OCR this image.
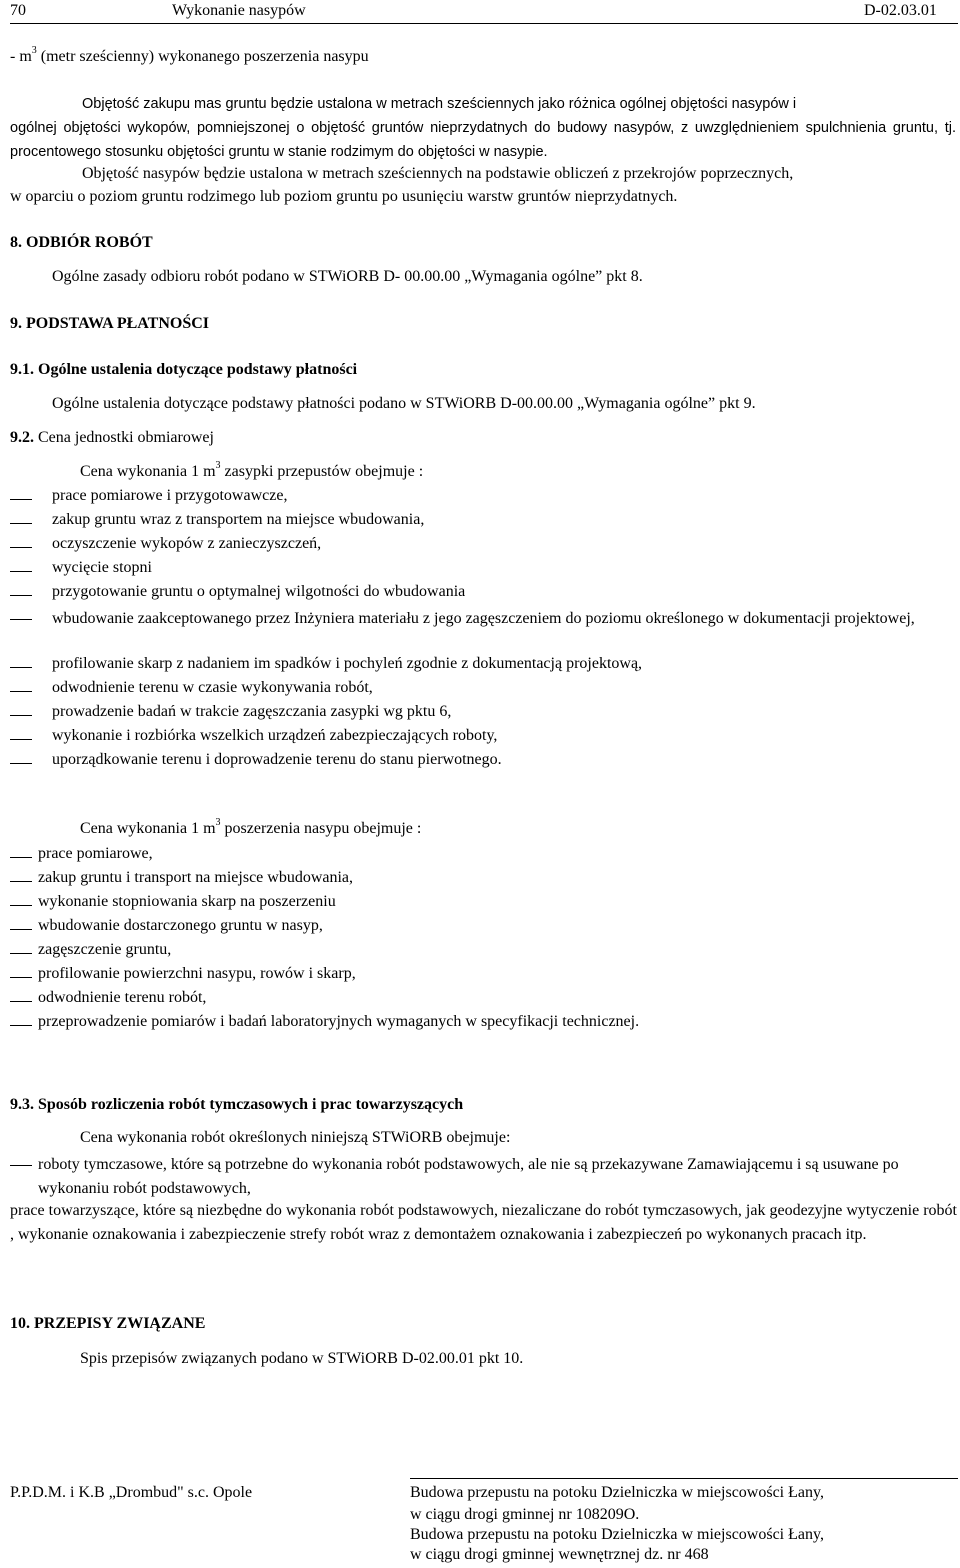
70	Wykonanie nasypów	D-02.03.01
- $m^3$ (metr sześcienny) wykonanego poszerzenia nasypu
Objętość zakupu mas gruntu będzie ustalona w metrach sześciennych jako różnica ogólnej objętości nasypów i
ogólnej objętości wykopów, pomniejszonej o objętość gruntów nieprzydatnych do budowy nasypów, z uwzględnieniem spulchnienia gruntu, tj. procentowego stosunku objętości gruntu w stanie rodzimym do objętości w nasypie.
Objętość nasypów będzie ustalona w metrach sześciennych na podstawie obliczeń z przekrojów poprzecznych,
w oparciu o poziom gruntu rodzimego lub poziom gruntu po usunięciu warstw gruntów nieprzydatnych.
8. ODBIÓR ROBÓT
Ogólne zasady odbioru robót podano w STWiORB D- 00.00.00 „Wymagania ogólne” pkt 8.
9. PODSTAWA PŁATNOŚCI
9.1. Ogólne ustalenia dotyczące podstawy płatności
Ogólne ustalenia dotyczące podstawy płatności podano w STWiORB D-00.00.00 „Wymagania ogólne” pkt 9.
9.2. Cena jednostki obmiarowej
Cena wykonania 1 $m^3$ zasypki przepustów obejmuje :
prace pomiarowe i przygotowawcze,
zakup gruntu wraz z transportem na miejsce wbudowania,
oczyszczenie wykopów z zanieczyszczeń,
wycięcie stopni
przygotowanie gruntu o optymalnej wilgotności do wbudowania
wbudowanie zaakceptowanego przez Inżyniera materiału z jego zagęszczeniem do poziomu określonego w dokumentacji projektowej,
profilowanie skarp z nadaniem im spadków i pochyleń zgodnie z dokumentacją projektową,
odwodnienie terenu w czasie wykonywania robót,
prowadzenie badań w trakcie zagęszczania zasypki wg pktu 6,
wykonanie i rozbiórka wszelkich urządzeń zabezpieczających roboty,
uporządkowanie terenu i doprowadzenie terenu do stanu pierwotnego.
Cena wykonania 1 $m^3$ poszerzenia nasypu obejmuje :
prace pomiarowe,
zakup gruntu i transport na miejsce wbudowania,
wykonanie stopniowania skarp na poszerzeniu
wbudowanie dostarczonego gruntu w nasyp,
zagęszczenie gruntu,
profilowanie powierzchni nasypu, rowów i skarp,
odwodnienie terenu robót,
przeprowadzenie pomiarów i badań laboratoryjnych wymaganych w specyfikacji technicznej.
9.3. Sposób rozliczenia robót tymczasowych i prac towarzyszących
Cena wykonania robót określonych niniejszą STWiORB obejmuje:
roboty tymczasowe, które są potrzebne do wykonania robót podstawowych, ale nie są przekazywane Zamawiającemu i są usuwane po wykonaniu robót podstawowych,
prace towarzyszące, które są niezbędne do wykonania robót podstawowych, niezaliczane do robót tymczasowych, jak geodezyjne wytyczenie robót , wykonanie oznakowania i zabezpieczenie strefy robót wraz z demontażem oznakowania i zabezpieczeń po wykonanych pracach itp.
10. PRZEPISY ZWIĄZANE
Spis przepisów związanych podano w STWiORB D-02.00.01 pkt 10.
P.P.D.M. i K.B „Drombud" s.c. Opole	Budowa przepustu na potoku Dzielniczka w miejscowości Łany,
w ciągu drogi gminnej nr 108209O.
Budowa przepustu na potoku Dzielniczka w miejscowości Łany,
w ciągu drogi gminnej wewnętrznej dz. nr 468
